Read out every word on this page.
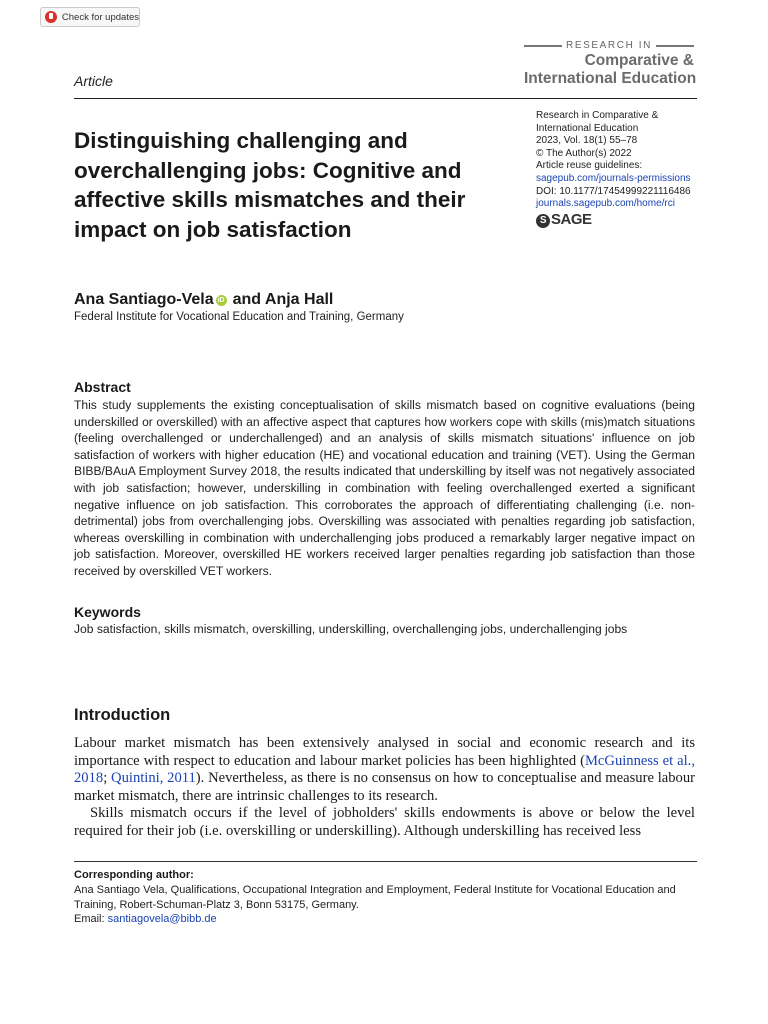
Check for updates
RESEARCH IN
Comparative &
International Education
Article
Distinguishing challenging and overchallenging jobs: Cognitive and affective skills mismatches and their impact on job satisfaction
Research in Comparative &
International Education
2023, Vol. 18(1) 55–78
© The Author(s) 2022
Article reuse guidelines:
sagepub.com/journals-permissions
DOI: 10.1177/17454999221116486
journals.sagepub.com/home/rci
S SAGE
Ana Santiago-Vela iD and Anja Hall
Federal Institute for Vocational Education and Training, Germany
Abstract
This study supplements the existing conceptualisation of skills mismatch based on cognitive evaluations (being underskilled or overskilled) with an affective aspect that captures how workers cope with skills (mis)match situations (feeling overchallenged or underchallenged) and an analysis of skills mismatch situations' influence on job satisfaction of workers with higher education (HE) and vocational education and training (VET). Using the German BIBB/BAuA Employment Survey 2018, the results indicated that underskilling by itself was not negatively associated with job satisfaction; however, underskilling in combination with feeling overchallenged exerted a significant negative influence on job satisfaction. This corroborates the approach of differentiating challenging (i.e. non-detrimental) jobs from overchallenging jobs. Overskilling was associated with penalties regarding job satisfaction, whereas overskilling in combination with underchallenging jobs produced a remarkably larger negative impact on job satisfaction. Moreover, overskilled HE workers received larger penalties regarding job satisfaction than those received by overskilled VET workers.
Keywords
Job satisfaction, skills mismatch, overskilling, underskilling, overchallenging jobs, underchallenging jobs
Introduction

Labour market mismatch has been extensively analysed in social and economic research and its importance with respect to education and labour market policies has been highlighted (McGuinness et al., 2018; Quintini, 2011). Nevertheless, as there is no consensus on how to conceptualise and measure labour market mismatch, there are intrinsic challenges to its research.

Skills mismatch occurs if the level of jobholders' skills endowments is above or below the level required for their job (i.e. overskilling or underskilling). Although underskilling has received less

Corresponding author:
Ana Santiago Vela, Qualifications, Occupational Integration and Employment, Federal Institute for Vocational Education and Training, Robert-Schuman-Platz 3, Bonn 53175, Germany.
Email: santiagovela@bibb.de
